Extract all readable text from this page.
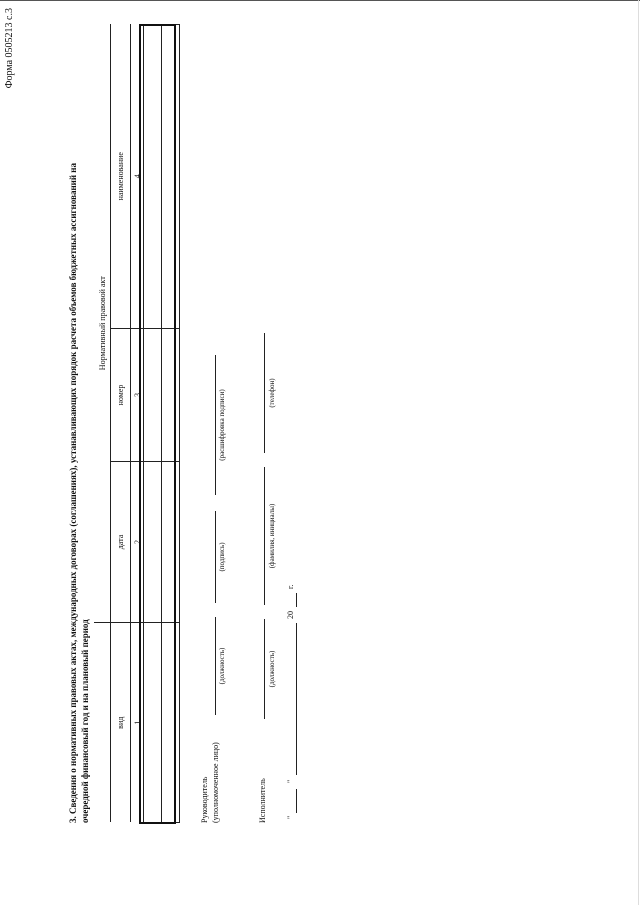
Форма 0505213 с.3
3. Сведения о нормативных правовых актах, международных договорах (соглашениях), устанавливающих порядок расчета объемов бюджетных ассигнований на очередной финансовый год и на плановый период
	Нормативный правовой акт		
вид	дата	номер	наименование
1	2	3	4

Руководитель (уполномоченное лицо)
(должность)
(подпись)
(расшифровка подписи)
Исполнитель
(должность)
(фамилия, инициалы)
(телефон)
"
"
20
г.
